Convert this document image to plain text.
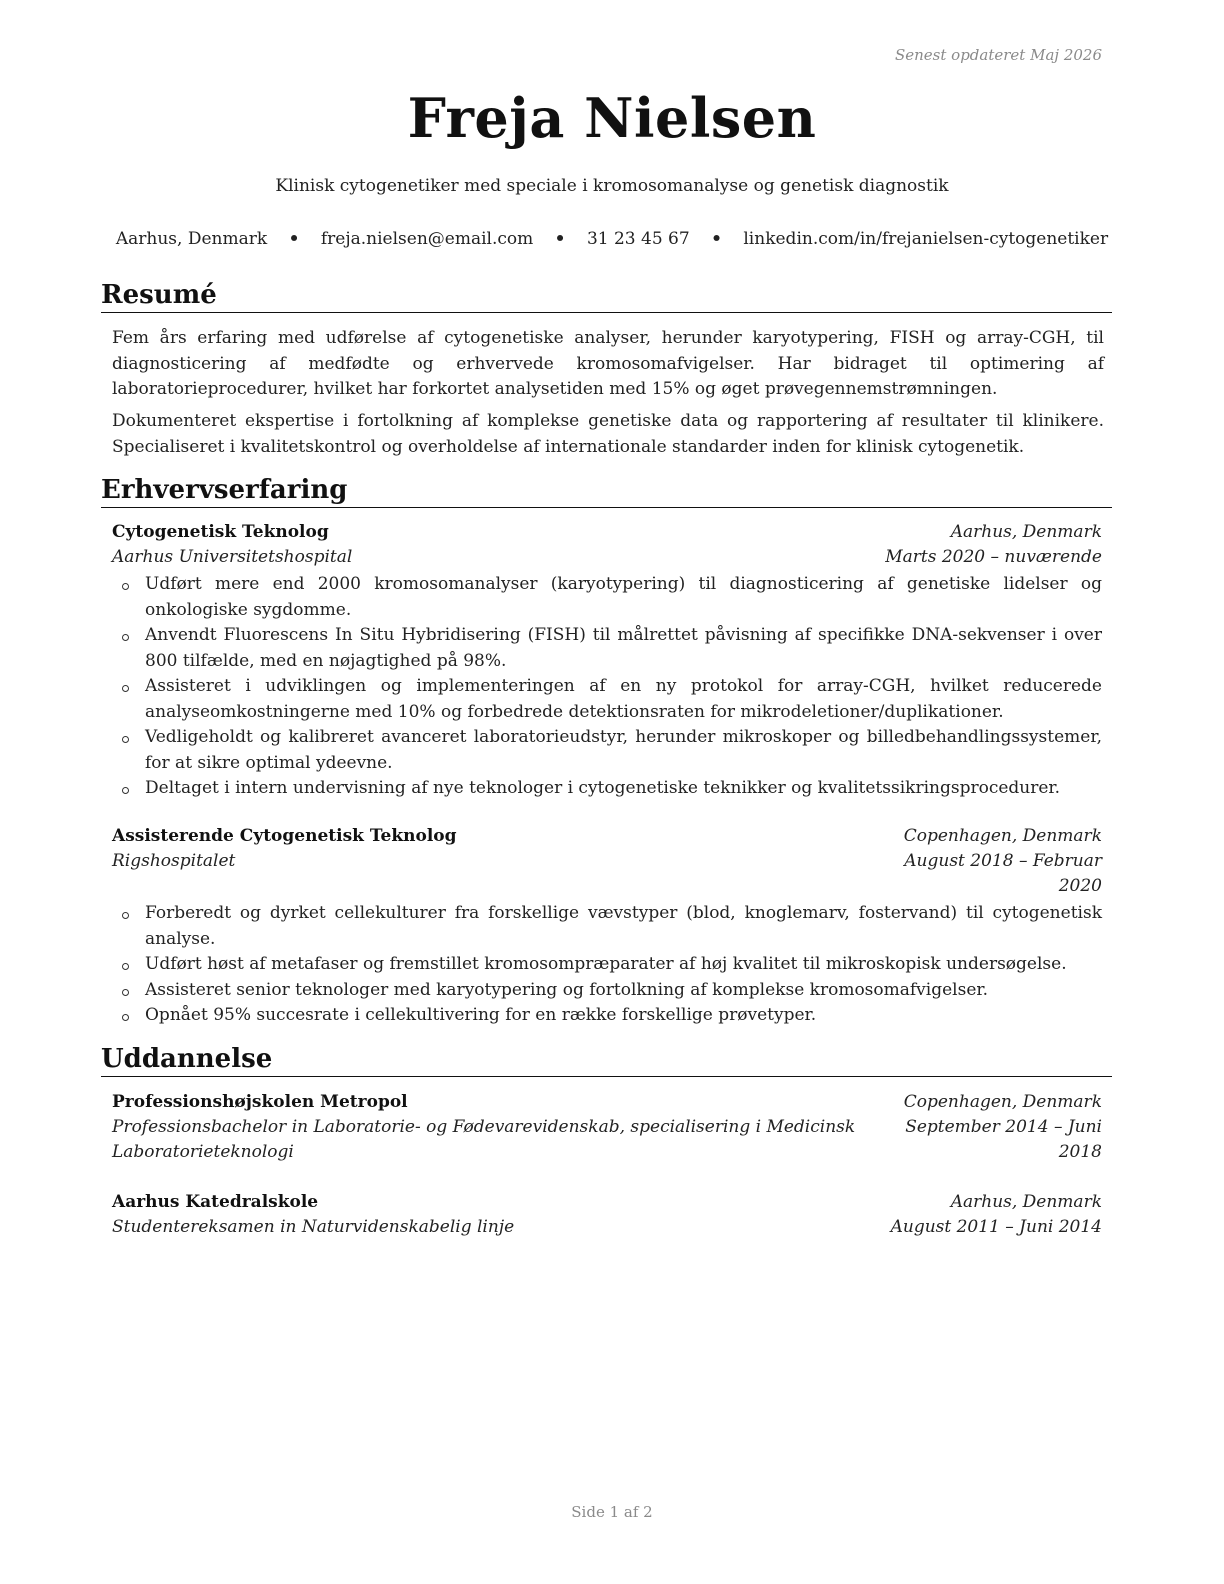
Senest opdateret Maj 2026
Freja Nielsen
Klinisk cytogenetiker med speciale i kromosomanalyse og genetisk diagnostik
Aarhus, Denmark • freja.nielsen@email.com • 31 23 45 67 • linkedin.com/in/frejanielsen-cytogenetiker
Resumé
Fem års erfaring med udførelse af cytogenetiske analyser, herunder karyotypering, FISH og array-CGH, til diagnosticering af medfødte og erhvervede kromosomafvigelser. Har bidraget til optimering af laboratorieprocedurer, hvilket har forkortet analysetiden med 15% og øget prøvegennemstrømningen.
Dokumenteret ekspertise i fortolkning af komplekse genetiske data og rapportering af resultater til klinikere. Specialiseret i kvalitetskontrol og overholdelse af internationale standarder inden for klinisk cytogenetik.
Erhvervserfaring
Cytogenetisk Teknolog	Aarhus, Denmark
Aarhus Universitetshospital	Marts 2020 – nuværende
Udført mere end 2000 kromosomanalyser (karyotypering) til diagnosticering af genetiske lidelser og onkologiske sygdomme.
Anvendt Fluorescens In Situ Hybridisering (FISH) til målrettet påvisning af specifikke DNA-sekvenser i over 800 tilfælde, med en nøjagtighed på 98%.
Assisteret i udviklingen og implementeringen af en ny protokol for array-CGH, hvilket reducerede analyseomkostningerne med 10% og forbedrede detektionsraten for mikrodeletioner/duplikationer.
Vedligeholdt og kalibreret avanceret laboratorieudstyr, herunder mikroskoper og billedbehandlingssystemer, for at sikre optimal ydeevne.
Deltaget i intern undervisning af nye teknologer i cytogenetiske teknikker og kvalitetssikringsprocedurer.
Assisterende Cytogenetisk Teknolog	Copenhagen, Denmark
Rigshospitalet	August 2018 – Februar
2020
Forberedt og dyrket cellekulturer fra forskellige vævstyper (blod, knoglemarv, fostervand) til cytogenetisk analyse.
Udført høst af metafaser og fremstillet kromosompræparater af høj kvalitet til mikroskopisk undersøgelse.
Assisteret senior teknologer med karyotypering og fortolkning af komplekse kromosomafvigelser.
Opnået 95% succesrate i cellekultivering for en række forskellige prøvetyper.
Uddannelse
Professionshøjskolen Metropol	Copenhagen, Denmark
Professionsbachelor in Laboratorie- og Fødevarevidenskab, specialisering i Medicinsk	September 2014 – Juni
Laboratorieteknologi	2018
Aarhus Katedralskole	Aarhus, Denmark
Studentereksamen in Naturvidenskabelig linje	August 2011 – Juni 2014
Side 1 af 2
